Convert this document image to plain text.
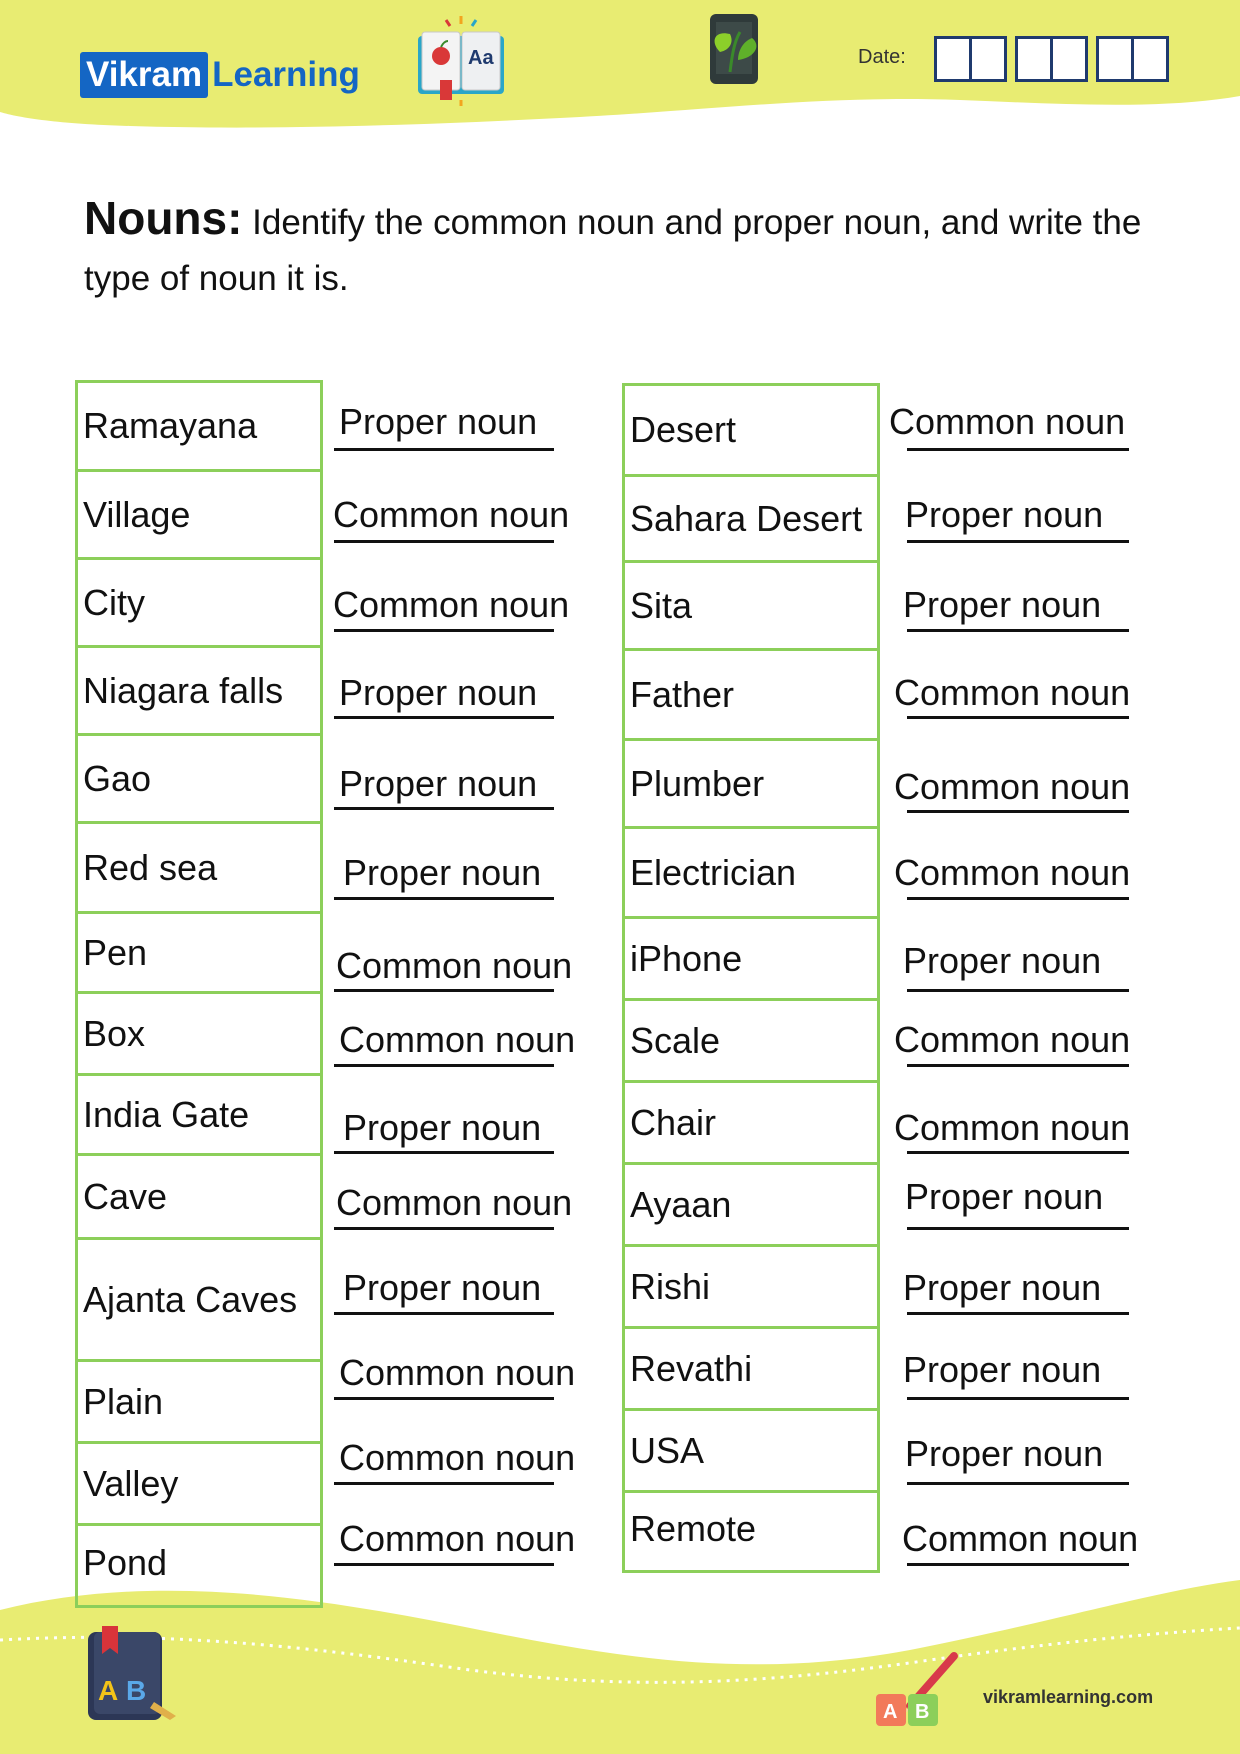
Vikram Learning	Aa	Date:
Nouns: Identify the common noun and proper noun, and write the type of noun it is.
Ramayana
Village
City
Niagara falls
Gao
Red sea
Pen
Box
India Gate
Cave
Ajanta Caves
Plain
Valley
Pond
Desert
Sahara Desert
Sita
Father
Plumber
Electrician
iPhone
Scale
Chair
Ayaan
Rishi
Revathi
USA
Remote
Proper noun
Common noun
Common noun
Proper noun
Proper noun
Proper noun
Common noun
Common noun
Proper noun
Common noun
Proper noun
Common noun
Common noun
Common noun
Common noun
Proper noun
Proper noun
Common noun
Common noun
Common noun
Proper noun
Common noun
Common noun
Proper noun
Proper noun
Proper noun
Proper noun
Common noun
A B
A B
vikramlearning.com
